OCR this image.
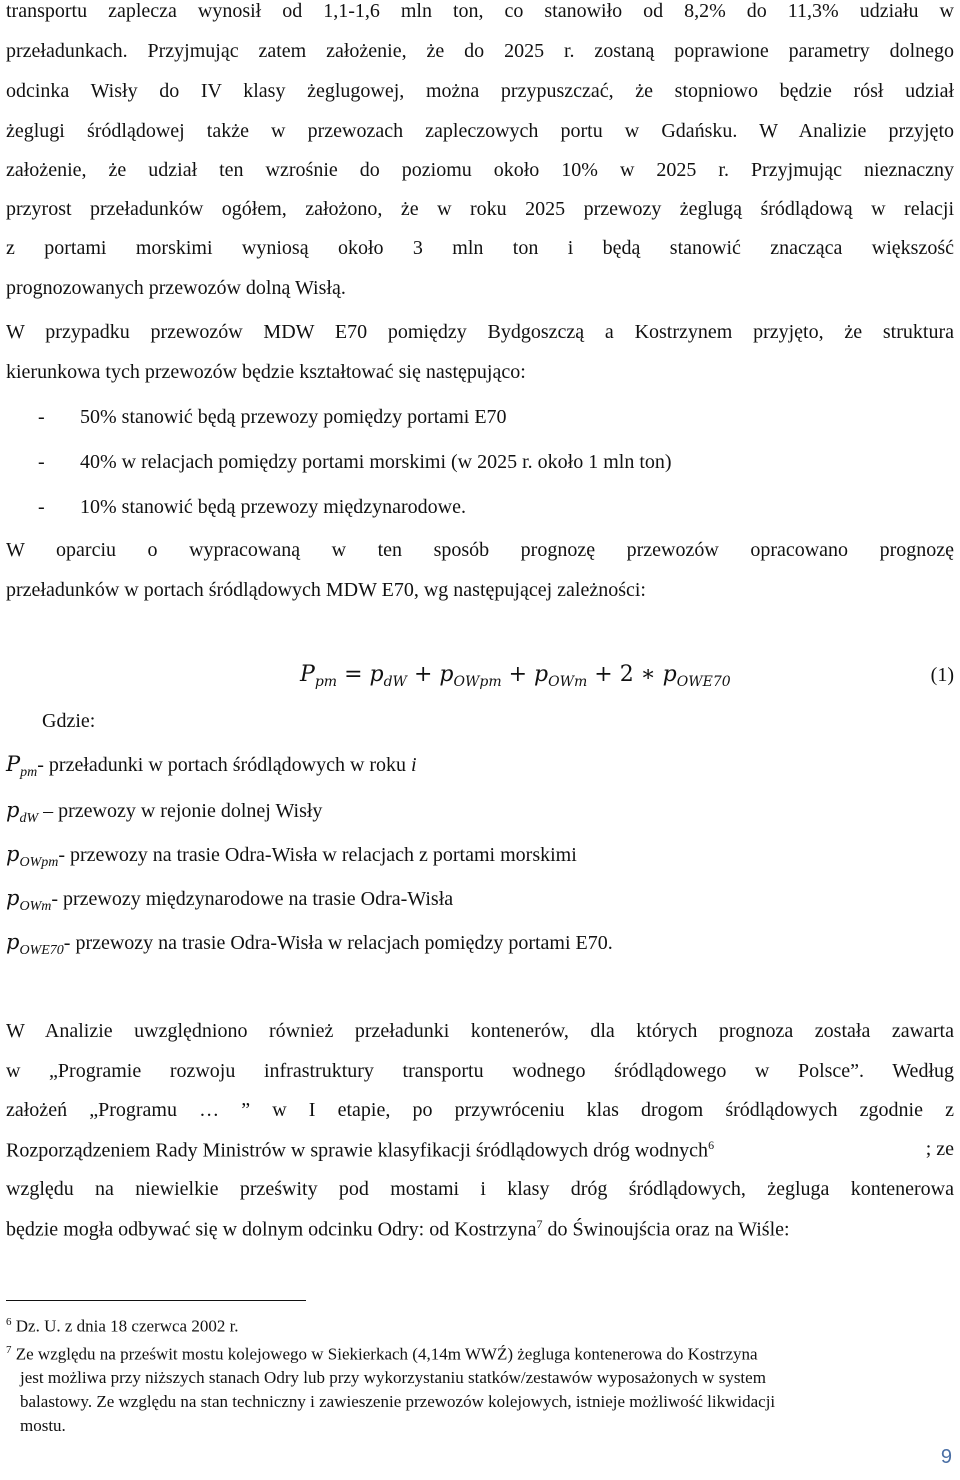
transportu zaplecza wynosił od 1,1-1,6 mln ton, co stanowiło od 8,2% do 11,3% udziału w
przeładunkach. Przyjmując zatem założenie, że do 2025 r. zostaną poprawione parametry dolnego
odcinka Wisły do IV klasy żeglugowej, można przypuszczać, że stopniowo będzie rósł udział
żeglugi śródlądowej także w przewozach zapleczowych portu w Gdańsku. W Analizie przyjęto
założenie, że udział ten wzrośnie do poziomu około 10% w 2025 r. Przyjmując nieznaczny
przyrost przeładunków ogółem, założono, że w roku 2025 przewozy żeglugą śródlądową w relacji
z portami morskimi wyniosą około 3 mln ton i będą stanowić znacząca większość
prognozowanych przewozów dolną Wisłą.
W przypadku przewozów MDW E70 pomiędzy Bydgoszczą a Kostrzynem przyjęto, że struktura
kierunkowa tych przewozów będzie kształtować się następująco:
- 50% stanowić będą przewozy pomiędzy portami E70
- 40% w relacjach pomiędzy portami morskimi (w 2025 r. około 1 mln ton)
- 10% stanowić będą przewozy międzynarodowe.
W oparciu o wypracowaną w ten sposób prognozę przewozów opracowano prognozę
przeładunków w portach śródlądowych MDW E70, wg następującej zależności:
$P_{pm} = p_{dW} + p_{OWpm} + p_{OWm} + 2$ ∗ $p_{OWE70}$	(1)
Gdzie:
$P_{pm}-$ przeładunki w portach śródlądowych w roku i
$p_{dW}$ – przewozy w rejonie dolnej Wisły
$p_{OWpm}-$ przewozy na trasie Odra-Wisła w relacjach z portami morskimi
$p_{OWm}-$ przewozy międzynarodowe na trasie Odra-Wisła
$p_{OWE70}-$ przewozy na trasie Odra-Wisła w relacjach pomiędzy portami E70.
W Analizie uwzględniono również przeładunki kontenerów, dla których prognoza została zawarta
w „Programie rozwoju infrastruktury transportu wodnego śródlądowego w Polsce”. Według
założeń „Programu … ” w I etapie, po przywróceniu klas drogom śródlądowych zgodnie z
Rozporządzeniem Rady Ministrów w sprawie klasyfikacji śródlądowych dróg wodnych$^6$	; ze
względu na niewielkie prześwity pod mostami i klasy dróg śródlądowych, żegluga kontenerowa
będzie mogła odbywać się w dolnym odcinku Odry: od Kostrzyna$^7$ do Świnoujścia oraz na Wiśle:
$^6$ Dz. U. z dnia 18 czerwca 2002 r.
$^7$ Ze względu na prześwit mostu kolejowego w Siekierkach (4,14m WWŹ) żegluga kontenerowa do Kostrzyna
jest możliwa przy niższych stanach Odry lub przy wykorzystaniu statków/zestawów wyposażonych w system
balastowy. Ze względu na stan techniczny i zawieszenie przewozów kolejowych, istnieje możliwość likwidacji
mostu.
9
